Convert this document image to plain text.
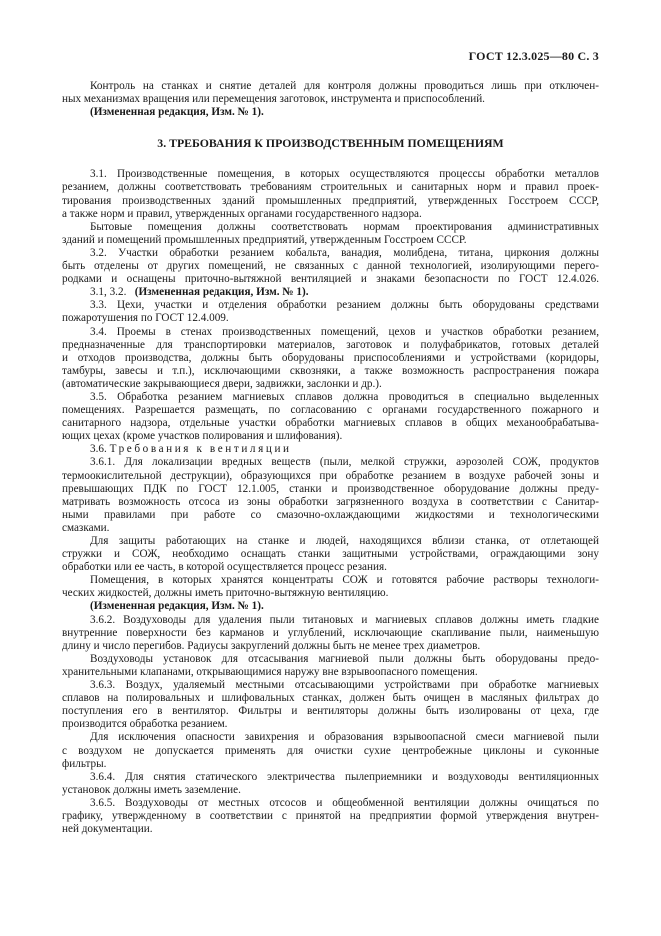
ГОСТ 12.3.025—80 С. 3
Контроль на станках и снятие деталей для контроля должны проводиться лишь при отключен-
ных механизмах вращения или перемещения заготовок, инструмента и приспособлений.
(Измененная редакция, Изм. № 1).
3. ТРЕБОВАНИЯ К ПРОИЗВОДСТВЕННЫМ ПОМЕЩЕНИЯМ
3.1. Производственные помещения, в которых осуществляются процессы обработки металлов
резанием, должны соответствовать требованиям строительных и санитарных норм и правил проек-
тирования производственных зданий промышленных предприятий, утвержденных Госстроем СССР,
а также норм и правил, утвержденных органами государственного надзора.
Бытовые помещения должны соответствовать нормам проектирования административных
зданий и помещений промышленных предприятий, утвержденным Госстроем СССР.
3.2. Участки обработки резанием кобальта, ванадия, молибдена, титана, циркония должны
быть отделены от других помещений, не связанных с данной технологией, изолирующими перего-
родками и оснащены приточно-вытяжной вентиляцией и знаками безопасности по ГОСТ 12.4.026.
3.1, 3.2. (Измененная редакция, Изм. № 1).
3.3. Цехи, участки и отделения обработки резанием должны быть оборудованы средствами
пожаротушения по ГОСТ 12.4.009.
3.4. Проемы в стенах производственных помещений, цехов и участков обработки резанием,
предназначенные для транспортировки материалов, заготовок и полуфабрикатов, готовых деталей
и отходов производства, должны быть оборудованы приспособлениями и устройствами (коридоры,
тамбуры, завесы и т.п.), исключающими сквозняки, а также возможность распространения пожара
(автоматические закрывающиеся двери, задвижки, заслонки и др.).
3.5. Обработка резанием магниевых сплавов должна проводиться в специально выделенных
помещениях. Разрешается размещать, по согласованию с органами государственного пожарного и
санитарного надзора, отдельные участки обработки магниевых сплавов в общих механообрабатыва-
ющих цехах (кроме участков полирования и шлифования).
3.6. Требования к вентиляции
3.6.1. Для локализации вредных веществ (пыли, мелкой стружки, аэрозолей СОЖ, продуктов
термоокислительной деструкции), образующихся при обработке резанием в воздухе рабочей зоны и
превышающих ПДК по ГОСТ 12.1.005, станки и производственное оборудование должны преду-
матривать возможность отсоса из зоны обработки загрязненного воздуха в соответствии с Санитар-
ными правилами при работе со смазочно-охлаждающими жидкостями и технологическими
смазками.
Для защиты работающих на станке и людей, находящихся вблизи станка, от отлетающей
стружки и СОЖ, необходимо оснащать станки защитными устройствами, ограждающими зону
обработки или ее часть, в которой осуществляется процесс резания.
Помещения, в которых хранятся концентраты СОЖ и готовятся рабочие растворы технологи-
ческих жидкостей, должны иметь приточно-вытяжную вентиляцию.
(Измененная редакция, Изм. № 1).
3.6.2. Воздуховоды для удаления пыли титановых и магниевых сплавов должны иметь гладкие
внутренние поверхности без карманов и углублений, исключающие скапливание пыли, наименьшую
длину и число перегибов. Радиусы закруглений должны быть не менее трех диаметров.
Воздуховоды установок для отсасывания магниевой пыли должны быть оборудованы предо-
хранительными клапанами, открывающимися наружу вне взрывоопасного помещения.
3.6.3. Воздух, удаляемый местными отсасывающими устройствами при обработке магниевых
сплавов на полировальных и шлифовальных станках, должен быть очищен в масляных фильтрах до
поступления его в вентилятор. Фильтры и вентиляторы должны быть изолированы от цеха, где
производится обработка резанием.
Для исключения опасности завихрения и образования взрывоопасной смеси магниевой пыли
с воздухом не допускается применять для очистки сухие центробежные циклоны и суконные
фильтры.
3.6.4. Для снятия статического электричества пылеприемники и воздуховоды вентиляционных
установок должны иметь заземление.
3.6.5. Воздуховоды от местных отсосов и общеобменной вентиляции должны очищаться по
графику, утвержденному в соответствии с принятой на предприятии формой утверждения внутрен-
ней документации.
